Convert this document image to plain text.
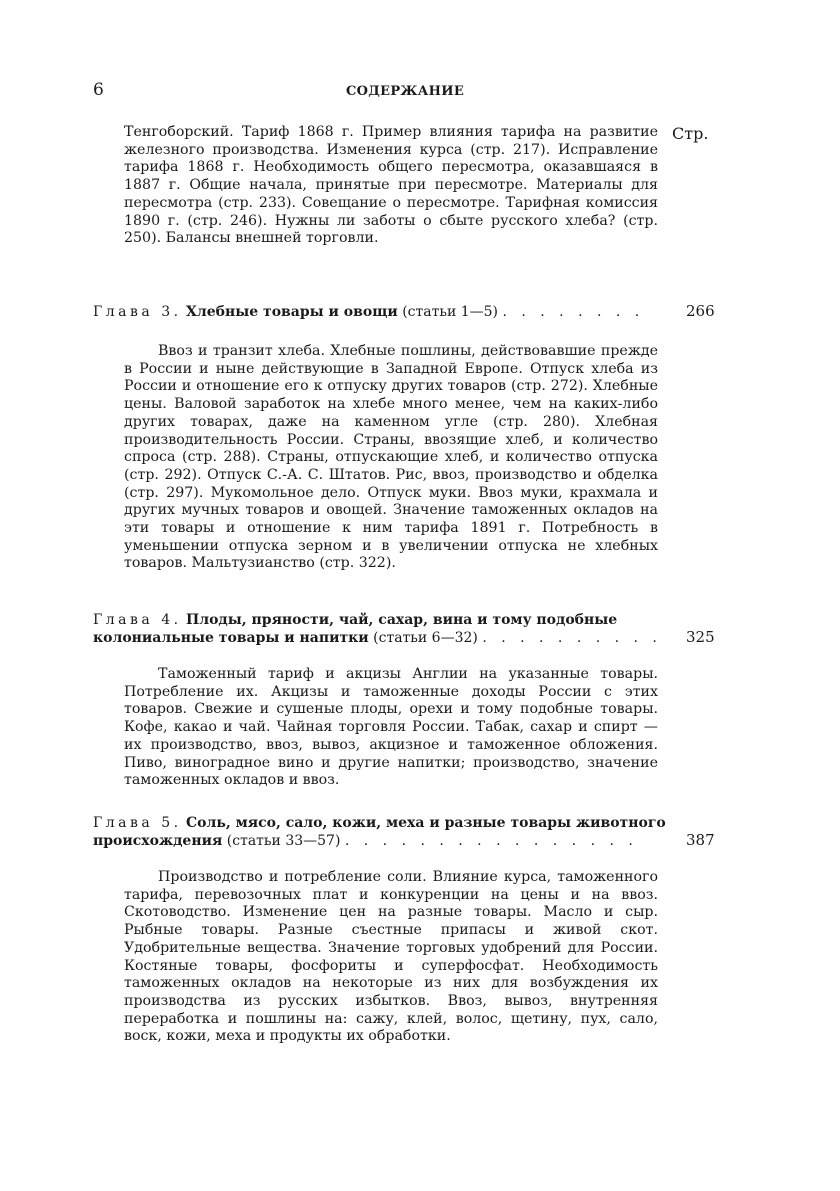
6	СОДЕРЖАНИЕ
Стр.

Тенгоборский. Тариф 1868 г. Пример влияния тарифа на развитие железного производства. Изменения курса (стр. 217). Исправление тарифа 1868 г. Необходимость общего пересмотра, оказавшаяся в 1887 г. Общие начала, принятые при пересмотре. Материалы для пересмотра (стр. 233). Совещание о пересмотре. Тарифная комиссия 1890 г. (стр. 246). Нужны ли заботы о сбыте русского хлеба? (стр. 250). Балансы внешней торговли.

Глава 3. Хлебные товары и овощи (статьи 1—5) . . . . . . . .	266

Ввоз и транзит хлеба. Хлебные пошлины, действовавшие прежде в России и ныне действующие в Западной Европе. Отпуск хлеба из России и отношение его к отпуску других товаров (стр. 272). Хлебные цены. Валовой заработок на хлебе много менее, чем на каких-либо других товарах, даже на каменном угле (стр. 280). Хлебная производительность России. Страны, ввозящие хлеб, и количество спроса (стр. 288). Страны, отпускающие хлеб, и количество отпуска (стр. 292). Отпуск С.-А. С. Штатов. Рис, ввоз, производство и обделка (стр. 297). Мукомольное дело. Отпуск муки. Ввоз муки, крахмала и других мучных товаров и овощей. Значение таможенных окладов на эти товары и отношение к ним тарифа 1891 г. Потребность в уменьшении отпуска зерном и в увеличении отпуска не хлебных товаров. Мальтузианство (стр. 322).

Глава 4. Плоды, пряности, чай, сахар, вина и тому подобные
колониальные товары и напитки (статьи 6—32) . . . . . . . . . .	325

Таможенный тариф и акцизы Англии на указанные товары. Потребление их. Акцизы и таможенные доходы России с этих товаров. Свежие и сушеные плоды, орехи и тому подобные товары. Кофе, какао и чай. Чайная торговля России. Табак, сахар и спирт — их производство, ввоз, вывоз, акцизное и таможенное обложения. Пиво, виноградное вино и другие напитки; производство, значение таможенных окладов и ввоз.

Глава 5. Соль, мясо, сало, кожи, меха и разные товары животного
происхождения (статьи 33—57) . . . . . . . . . . . . . . . .	387

Производство и потребление соли. Влияние курса, таможенного тарифа, перевозочных плат и конкуренции на цены и на ввоз. Скотоводство. Изменение цен на разные товары. Масло и сыр. Рыбные товары. Разные съестные припасы и живой скот. Удобрительные вещества. Значение торговых удобрений для России. Костяные товары, фосфориты и суперфосфат. Необходимость таможенных окладов на некоторые из них для возбуждения их производства из русских избытков. Ввоз, вывоз, внутренняя переработка и пошлины на: сажу, клей, волос, щетину, пух, сало, воск, кожи, меха и продукты их обработки.
